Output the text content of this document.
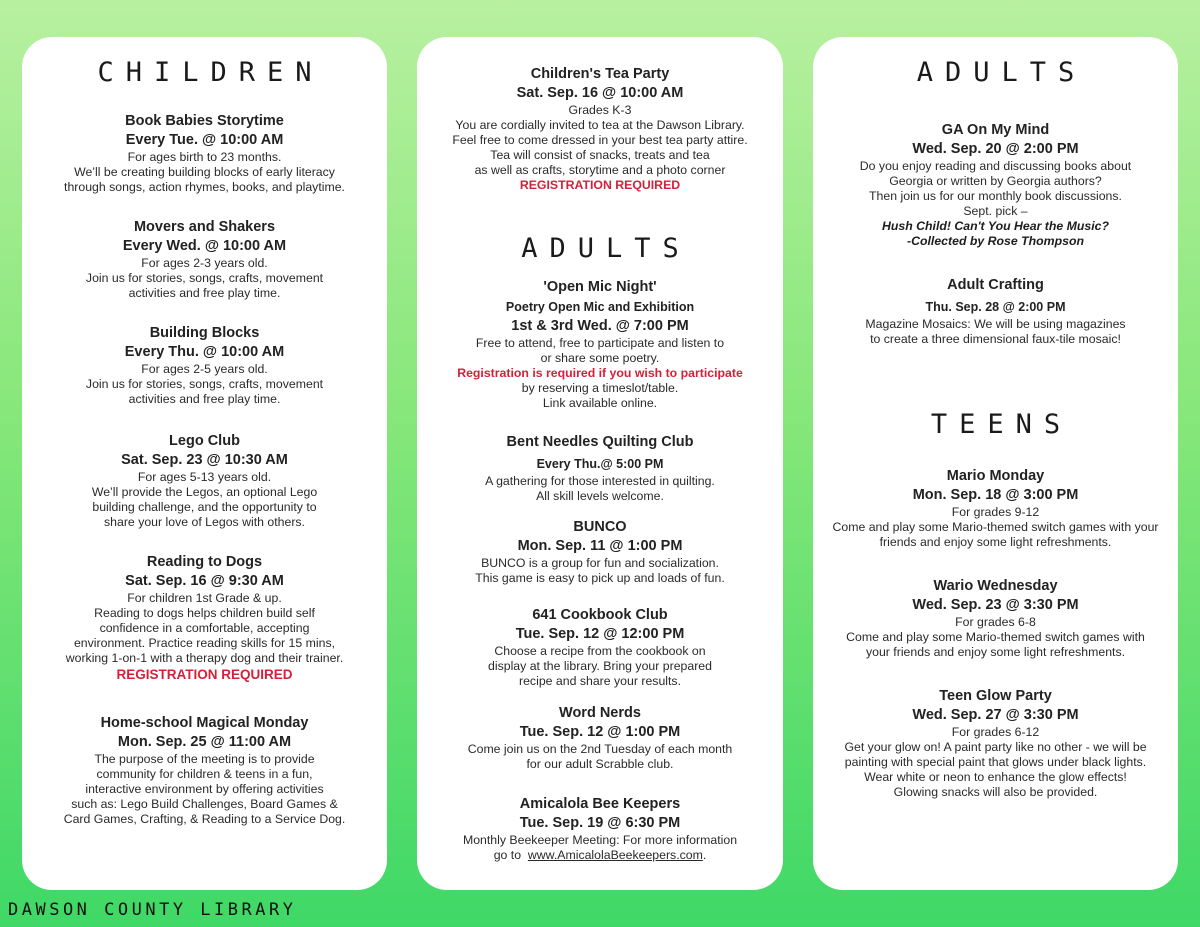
CHILDREN
Book Babies Storytime
Every Tue. @ 10:00 AM
For ages birth to 23 months.
We’ll be creating building blocks of early literacy
through songs, action rhymes, books, and playtime.
Movers and Shakers
Every Wed. @ 10:00 AM
For ages 2-3 years old.
Join us for stories, songs, crafts, movement
activities and free play time.
Building Blocks
Every Thu. @ 10:00 AM
For ages 2-5 years old.
Join us for stories, songs, crafts, movement
activities and free play time.
Lego Club
Sat. Sep. 23 @ 10:30 AM
For ages 5-13 years old.
We’ll provide the Legos, an optional Lego
building challenge, and the opportunity to
share your love of Legos with others.
Reading to Dogs
Sat. Sep. 16 @ 9:30 AM
For children 1st Grade & up.
Reading to dogs helps children build self
confidence in a comfortable, accepting
environment. Practice reading skills for 15 mins,
working 1-on-1 with a therapy dog and their trainer.
REGISTRATION REQUIRED
Home-school Magical Monday
Mon. Sep. 25 @ 11:00 AM
The purpose of the meeting is to provide
community for children & teens in a fun,
interactive environment by offering activities
such as: Lego Build Challenges, Board Games &
Card Games, Crafting, & Reading to a Service Dog.
Children's Tea Party
Sat. Sep. 16 @ 10:00 AM
Grades K-3
You are cordially invited to tea at the Dawson Library.
Feel free to come dressed in your best tea party attire.
Tea will consist of snacks, treats and tea
as well as crafts, storytime and a photo corner
REGISTRATION REQUIRED
ADULTS
'Open Mic Night'
Poetry Open Mic and Exhibition
1st & 3rd Wed. @ 7:00 PM
Free to attend, free to participate and listen to
or share some poetry.
Registration is required if you wish to participate
by reserving a timeslot/table.
Link available online.
Bent Needles Quilting Club
Every Thu.@ 5:00 PM
A gathering for those interested in quilting.
All skill levels welcome.
BUNCO
Mon. Sep. 11 @ 1:00 PM
BUNCO is a group for fun and socialization.
This game is easy to pick up and loads of fun.
641 Cookbook Club
Tue. Sep. 12 @ 12:00 PM
Choose a recipe from the cookbook on
display at the library. Bring your prepared
recipe and share your results.
Word Nerds
Tue. Sep. 12 @ 1:00 PM
Come join us on the 2nd Tuesday of each month
for our adult Scrabble club.
Amicalola Bee Keepers
Tue. Sep. 19 @ 6:30 PM
Monthly Beekeeper Meeting: For more information
go to  www.AmicalolaBeekeepers.com.
ADULTS
GA On My Mind
Wed. Sep. 20 @ 2:00 PM
Do you enjoy reading and discussing books about
Georgia or written by Georgia authors?
Then join us for our monthly book discussions.
Sept. pick –
Hush Child! Can't You Hear the Music?
-Collected by Rose Thompson
Adult Crafting
Thu. Sep. 28 @ 2:00 PM
Magazine Mosaics: We will be using magazines
to create a three dimensional faux-tile mosaic!
TEENS
Mario Monday
Mon. Sep. 18 @ 3:00 PM
For grades 9-12
Come and play some Mario-themed switch games with your
friends and enjoy some light refreshments.
Wario Wednesday
Wed. Sep. 23 @ 3:30 PM
For grades 6-8
Come and play some Mario-themed switch games with
your friends and enjoy some light refreshments.
Teen Glow Party
Wed. Sep. 27 @ 3:30 PM
For grades 6-12
Get your glow on! A paint party like no other - we will be
painting with special paint that glows under black lights.
Wear white or neon to enhance the glow effects!
Glowing snacks will also be provided.
DAWSON COUNTY LIBRARY
